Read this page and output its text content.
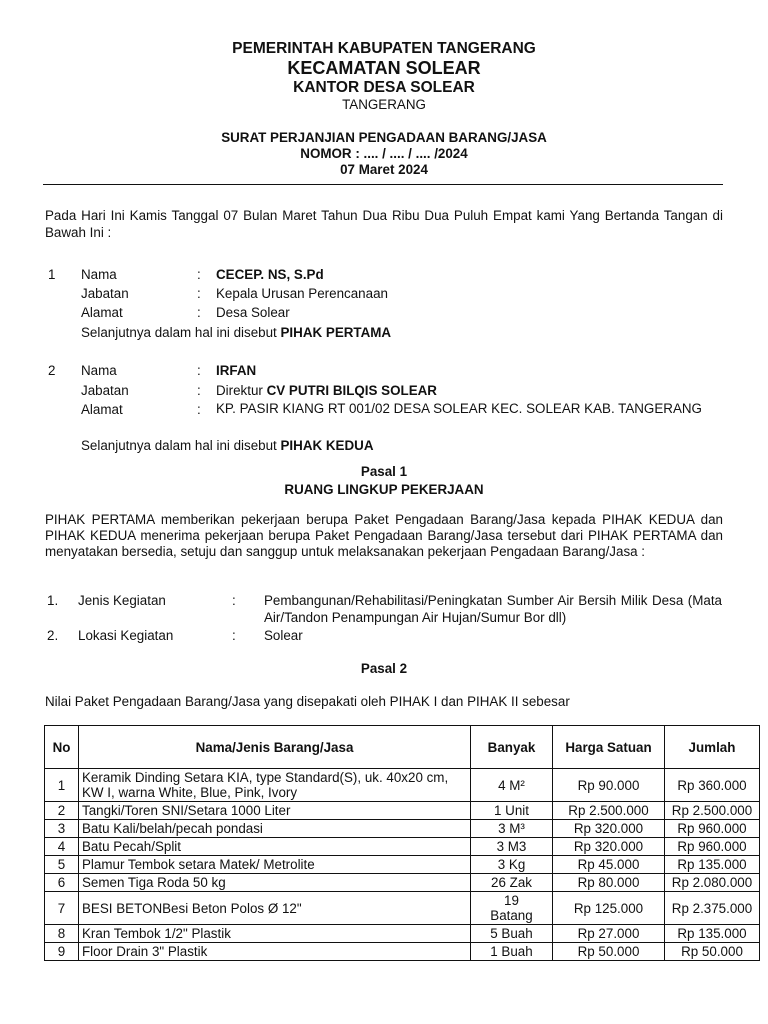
PEMERINTAH KABUPATEN TANGERANG
KECAMATAN SOLEAR
KANTOR DESA SOLEAR
TANGERANG
SURAT PERJANJIAN PENGADAAN BARANG/JASA
NOMOR : .... / .... / .... /2024
07 Maret 2024
Pada Hari Ini Kamis Tanggal 07 Bulan Maret Tahun Dua Ribu Dua Puluh Empat kami Yang Bertanda Tangan di Bawah Ini :
1 Nama	: CECEP. NS, S.Pd
Jabatan	: Kepala Urusan Perencanaan
Alamat	: Desa Solear
Selanjutnya dalam hal ini disebut PIHAK PERTAMA
2 Nama	: IRFAN
Jabatan	: Direktur CV PUTRI BILQIS SOLEAR
Alamat	: KP. PASIR KIANG RT 001/02 DESA SOLEAR KEC. SOLEAR KAB. TANGERANG
Selanjutnya dalam hal ini disebut PIHAK KEDUA
Pasal 1
RUANG LINGKUP PEKERJAAN
PIHAK PERTAMA memberikan pekerjaan berupa Paket Pengadaan Barang/Jasa kepada PIHAK KEDUA dan PIHAK KEDUA menerima pekerjaan berupa Paket Pengadaan Barang/Jasa tersebut dari PIHAK PERTAMA dan menyatakan bersedia, setuju dan sanggup untuk melaksanakan pekerjaan Pengadaan Barang/Jasa :
1. Jenis Kegiatan	: Pembangunan/Rehabilitasi/Peningkatan Sumber Air Bersih Milik Desa (Mata Air/Tandon Penampungan Air Hujan/Sumur Bor dll)
2. Lokasi Kegiatan	: Solear
Pasal 2
Nilai Paket Pengadaan Barang/Jasa yang disepakati oleh PIHAK I dan PIHAK II sebesar
No	Nama/Jenis Barang/Jasa	Banyak	Harga Satuan	Jumlah
1	Keramik Dinding Setara KIA, type Standard(S), uk. 40x20 cm, KW I, warna White, Blue, Pink, Ivory	4 M²	Rp 90.000	Rp 360.000
2	Tangki/Toren SNI/Setara 1000 Liter	1 Unit	Rp 2.500.000	Rp 2.500.000
3	Batu Kali/belah/pecah pondasi	3 M³	Rp 320.000	Rp 960.000
4	Batu Pecah/Split	3 M3	Rp 320.000	Rp 960.000
5	Plamur Tembok setara Matek/ Metrolite	3 Kg	Rp 45.000	Rp 135.000
6	Semen Tiga Roda 50 kg	26 Zak	Rp 80.000	Rp 2.080.000
7	BESI BETONBesi Beton Polos Ø 12"	19 Batang	Rp 125.000	Rp 2.375.000
8	Kran Tembok 1/2" Plastik	5 Buah	Rp 27.000	Rp 135.000
9	Floor Drain 3" Plastik	1 Buah	Rp 50.000	Rp 50.000
